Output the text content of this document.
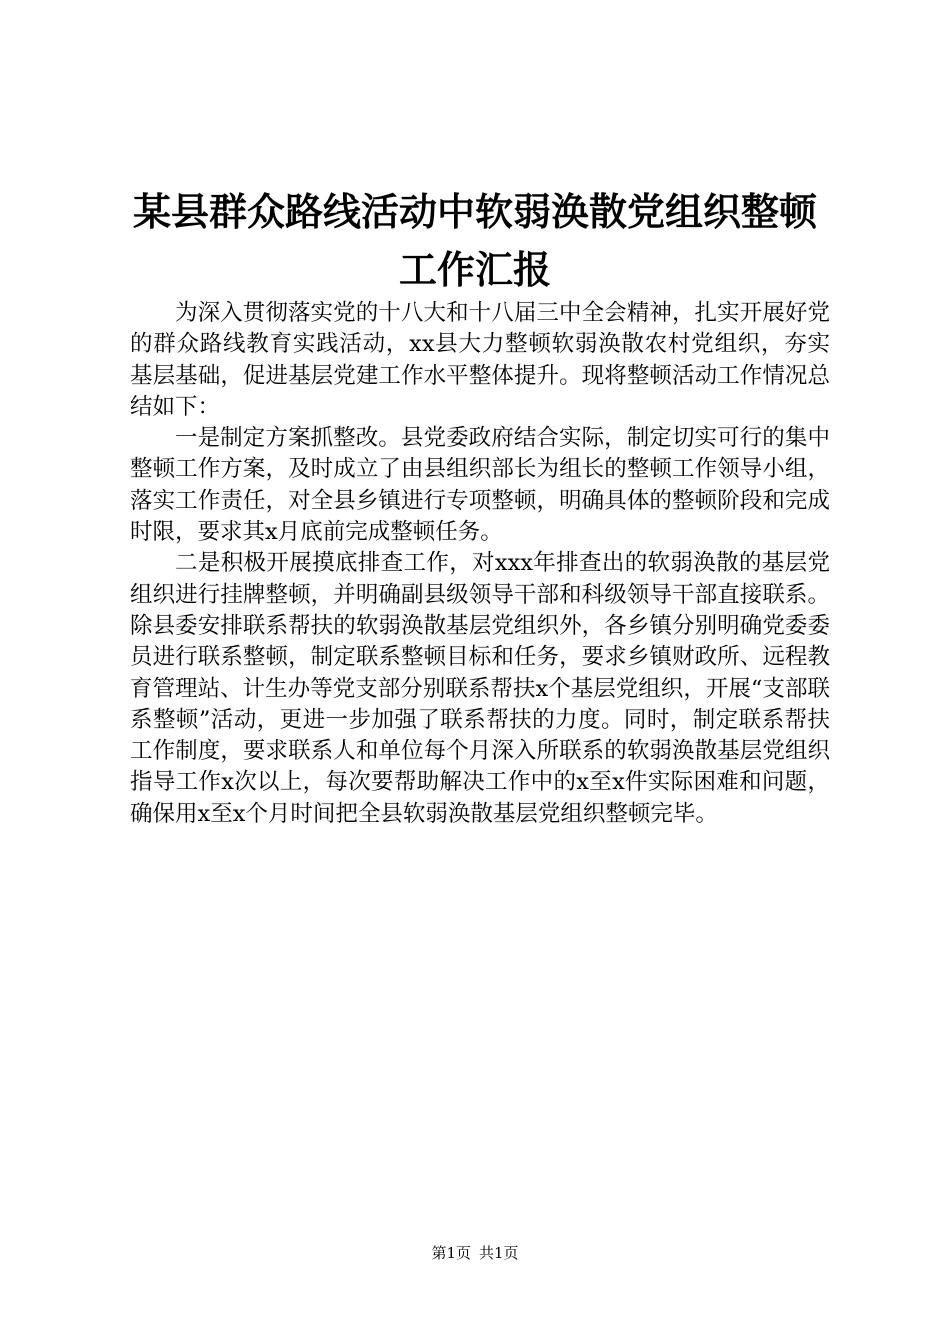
某县群众路线活动中软弱涣散党组织整顿工作汇报

为深入贯彻落实党的十八大和十八届三中全会精神，扎实开展好党的群众路线教育实践活动，xx县大力整顿软弱涣散农村党组织，夯实基层基础，促进基层党建工作水平整体提升。现将整顿活动工作情况总结如下：

一是制定方案抓整改。县党委政府结合实际，制定切实可行的集中整顿工作方案，及时成立了由县组织部长为组长的整顿工作领导小组，落实工作责任，对全县乡镇进行专项整顿，明确具体的整顿阶段和完成时限，要求其x月底前完成整顿任务。

二是积极开展摸底排查工作，对xxx年排查出的软弱涣散的基层党组织进行挂牌整顿，并明确副县级领导干部和科级领导干部直接联系。除县委安排联系帮扶的软弱涣散基层党组织外，各乡镇分别明确党委委员进行联系整顿，制定联系整顿目标和任务，要求乡镇财政所、远程教育管理站、计生办等党支部分别联系帮扶x个基层党组织，开展“支部联系整顿”活动，更进一步加强了联系帮扶的力度。同时，制定联系帮扶工作制度，要求联系人和单位每个月深入所联系的软弱涣散基层党组织指导工作x次以上，每次要帮助解决工作中的x至x件实际困难和问题，确保用x至x个月时间把全县软弱涣散基层党组织整顿完毕。

第1页 共1页
